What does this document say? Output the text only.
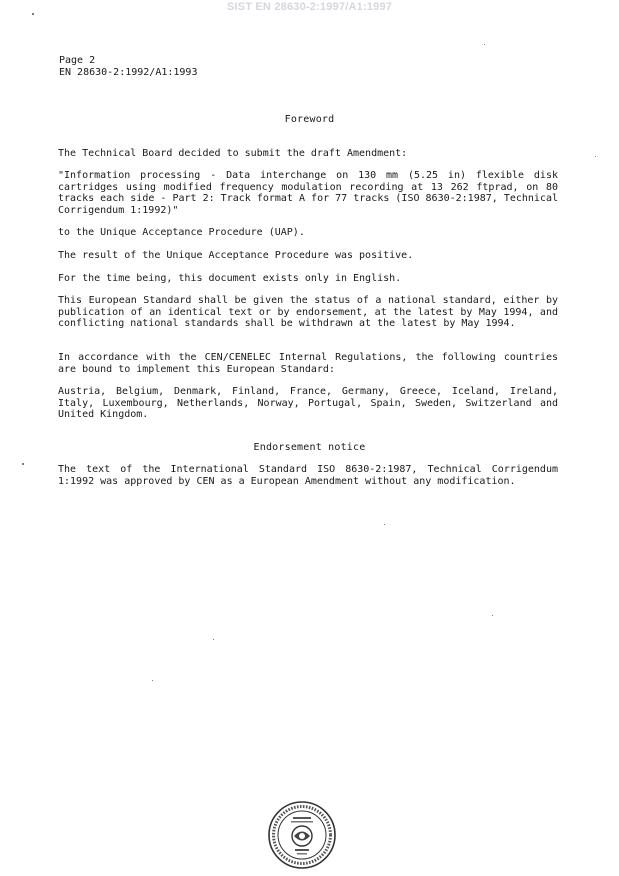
SIST EN 28630-2:1997/A1:1997
Page 2
EN 28630-2:1992/A1:1993
Foreword
The Technical Board decided to submit the draft Amendment:
"Information processing - Data interchange on 130 mm (5.25 in) flexible disk cartridges using modified frequency modulation recording at 13 262 ftprad, on 80 tracks each side - Part 2: Track format A for 77 tracks (ISO 8630-2:1987, Technical Corrigendum 1:1992)"
to the Unique Acceptance Procedure (UAP).
The result of the Unique Acceptance Procedure was positive.
For the time being, this document exists only in English.
This European Standard shall be given the status of a national standard, either by publication of an identical text or by endorsement, at the latest by May 1994, and conflicting national standards shall be withdrawn at the latest by May 1994.
In accordance with the CEN/CENELEC Internal Regulations, the following countries are bound to implement this European Standard:
Austria, Belgium, Denmark, Finland, France, Germany, Greece, Iceland, Ireland, Italy, Luxembourg, Netherlands, Norway, Portugal, Spain, Sweden, Switzerland and United Kingdom.
Endorsement notice
The text of the International Standard ISO 8630-2:1987, Technical Corrigendum 1:1992 was approved by CEN as a European Amendment without any modification.
